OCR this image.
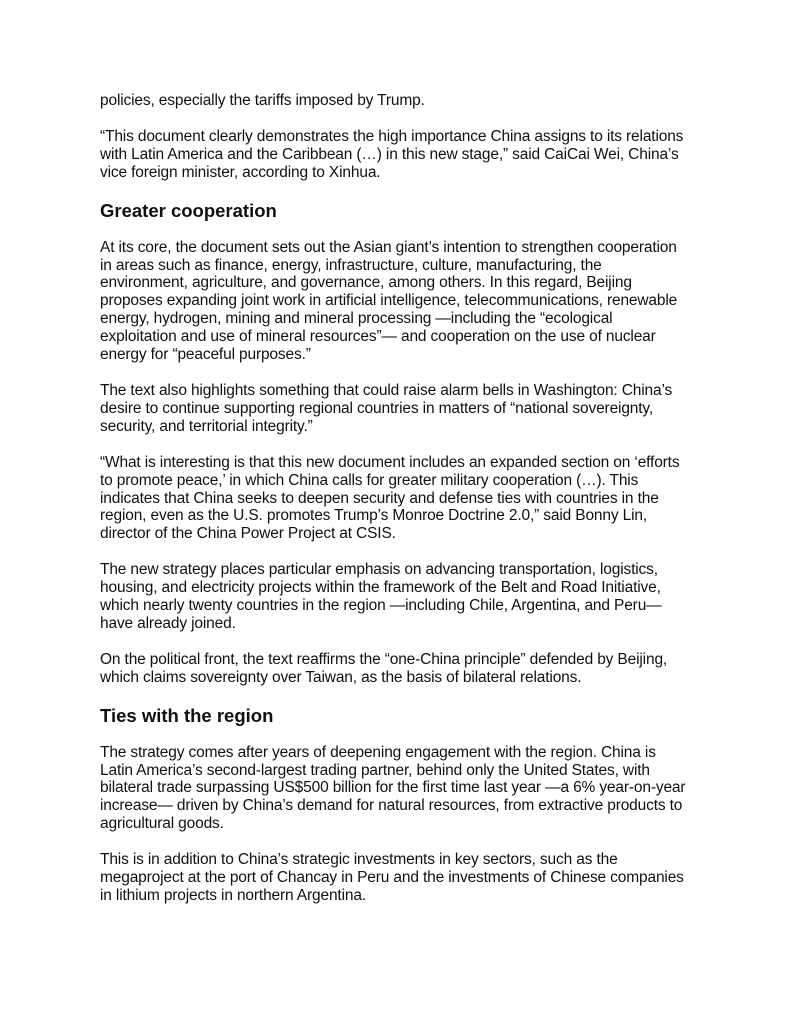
policies, especially the tariffs imposed by Trump.

“This document clearly demonstrates the high importance China assigns to its relations
with Latin America and the Caribbean (…) in this new stage,” said CaiCai Wei, China’s
vice foreign minister, according to Xinhua.

Greater cooperation

At its core, the document sets out the Asian giant’s intention to strengthen cooperation
in areas such as finance, energy, infrastructure, culture, manufacturing, the
environment, agriculture, and governance, among others. In this regard, Beijing
proposes expanding joint work in artificial intelligence, telecommunications, renewable
energy, hydrogen, mining and mineral processing —including the “ecological
exploitation and use of mineral resources”— and cooperation on the use of nuclear
energy for “peaceful purposes.”

The text also highlights something that could raise alarm bells in Washington: China’s
desire to continue supporting regional countries in matters of “national sovereignty,
security, and territorial integrity.”

“What is interesting is that this new document includes an expanded section on ‘efforts
to promote peace,’ in which China calls for greater military cooperation (…). This
indicates that China seeks to deepen security and defense ties with countries in the
region, even as the U.S. promotes Trump’s Monroe Doctrine 2.0,” said Bonny Lin,
director of the China Power Project at CSIS.

The new strategy places particular emphasis on advancing transportation, logistics,
housing, and electricity projects within the framework of the Belt and Road Initiative,
which nearly twenty countries in the region —including Chile, Argentina, and Peru—
have already joined.

On the political front, the text reaffirms the “one-China principle” defended by Beijing,
which claims sovereignty over Taiwan, as the basis of bilateral relations.

Ties with the region

The strategy comes after years of deepening engagement with the region. China is
Latin America’s second-largest trading partner, behind only the United States, with
bilateral trade surpassing US$500 billion for the first time last year —a 6% year-on-year
increase— driven by China’s demand for natural resources, from extractive products to
agricultural goods.

This is in addition to China’s strategic investments in key sectors, such as the
megaproject at the port of Chancay in Peru and the investments of Chinese companies
in lithium projects in northern Argentina.
